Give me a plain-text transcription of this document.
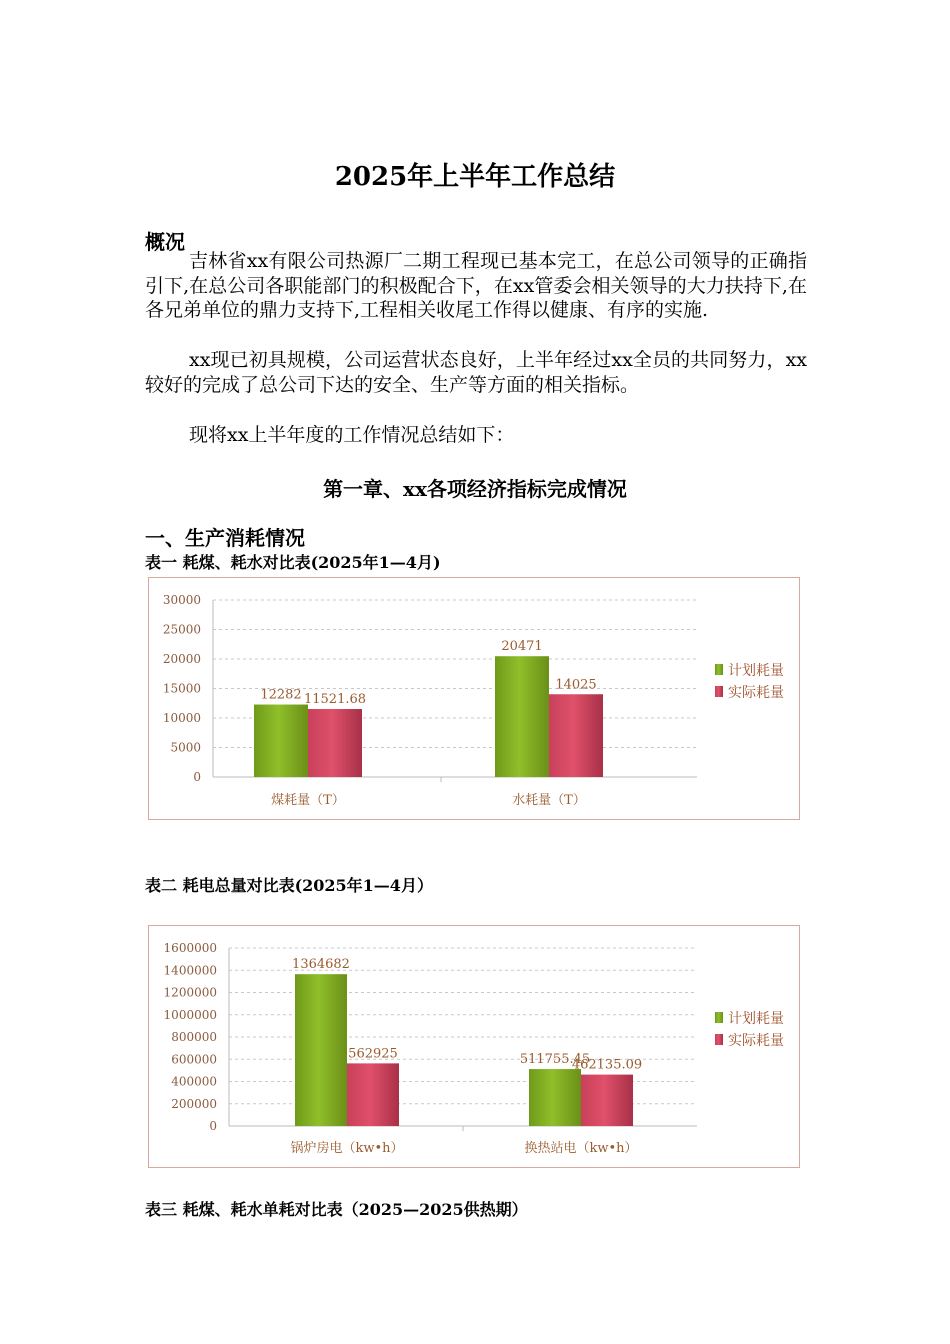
2025年上半年工作总结
概况

吉林省xx有限公司热源厂二期工程现已基本完工，在总公司领导的正确指引下,在总公司各职能部门的积极配合下，在xx管委会相关领导的大力扶持下,在各兄弟单位的鼎力支持下,工程相关收尾工作得以健康、有序的实施.

xx现已初具规模，公司运营状态良好，上半年经过xx全员的共同努力，xx较好的完成了总公司下达的安全、生产等方面的相关指标。

现将xx上半年度的工作情况总结如下：

第一章、xx各项经济指标完成情况
一、生产消耗情况
表一 耗煤、耗水对比表(2025年1—4月)
0
5000
10000
15000
20000
25000
30000
12282 11521.68
煤耗量（T）
20471
14025
水耗量（T）
计划耗量
实际耗量
表二 耗电总量对比表(2025年1—4月）
0
200000
400000
600000
800000
1000000
1200000
1400000
1600000
1364682
562925
锅炉房电（kw•h）
511755.45
462135.09
换热站电（kw•h）
计划耗量
实际耗量
表三 耗煤、耗水单耗对比表（2025—2025供热期）
